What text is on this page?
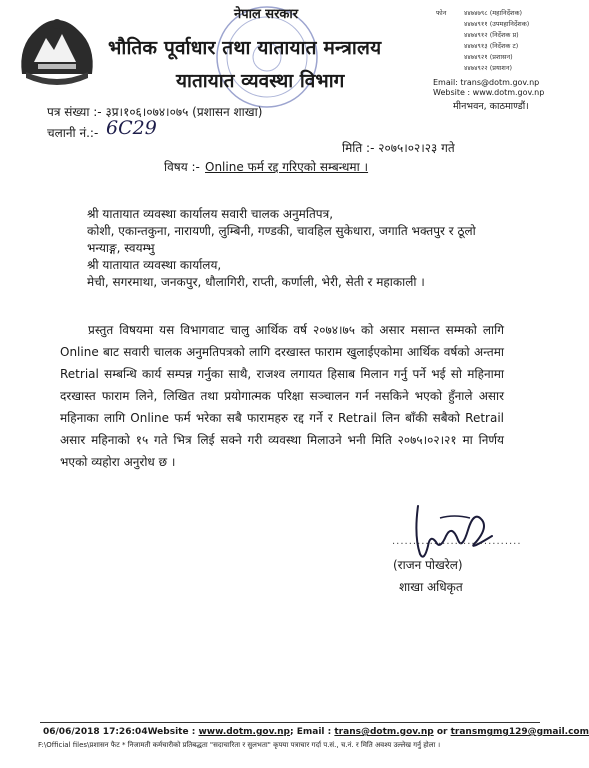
नेपाल सरकार
भौतिक पूर्वाधार तथा यातायात मन्त्रालय
यातायात व्यवस्था विभाग
फोन	४४७४७९८ (महानिर्देशक)
४४७४९११ (उपमहानिर्देशक)
४४७४९१२ (निर्देशक प्र)
४४७४९१३ (निर्देशक ट)
४४७४९२१ (प्रशासन)
४४७४९२२ (प्रयाशन)
Email: trans@dotm.gov.np
Website : www.dotm.gov.np
मीनभवन, काठमाण्डौं।
पत्र संख्या :- ३प्र।१०६।०७४।०७५ (प्रशासन शाखा)
चलानी नं.:- 6C29
मिति :- २०७५।०२।२३ गते
विषय :- Online फर्म रद्द गरिएको सम्बन्धमा ।

श्री यातायात व्यवस्था कार्यालय सवारी चालक अनुमतिपत्र,

कोशी, एकान्तकुना, नारायणी, लुम्बिनी, गण्डकी, चावहिल सुकेधारा, जगाति भक्तपुर र ठूलो भन्याङ्ग, स्वयम्भु

श्री यातायात व्यवस्था कार्यालय,

मेची, सगरमाथा, जनकपुर, धौलागिरी, राप्ती, कर्णाली, भेरी, सेती र महाकाली ।

प्रस्तुत विषयमा यस विभागवाट चालु आर्थिक वर्ष २०७४।७५ को असार मसान्त सम्मको लागि Online बाट सवारी चालक अनुमतिपत्रको लागि दरखास्त फाराम खुलाईएकोमा आर्थिक वर्षको अन्तमा Retrial सम्बन्धि कार्य सम्पन्न गर्नुका साथै, राजश्व लगायत हिसाब मिलान गर्नु पर्ने भई सो महिनामा दरखास्त फाराम लिने, लिखित तथा प्रयोगात्मक परिक्षा सञ्चालन गर्न नसकिने भएको हुँनाले असार महिनाका लागि Online फर्म भरेका सबै फारामहरु रद्द गर्ने र Retrail लिन बाँकी सबैको Retrail असार महिनाको १५ गते भित्र लिई सक्ने गरी व्यवस्था मिलाउने भनी मिति २०७५।०२।२१ मा निर्णय भएको व्यहोरा अनुरोध छ ।

...............................
(राजन पोखरेल)
शाखा अधिकृत
06/06/2018 17:26:04Website : www.dotm.gov.np; Email : trans@dotm.gov.np or transmgmg129@gmail.com
F:\Official files\प्रशासन फैट * निजामती कर्मचारीको प्रतिबद्धता "सदाचारिता र सुलभता" कृपया पत्राचार गर्दा प.सं., च.नं. र मिति अवश्य उल्लेख गर्नु होला ।
